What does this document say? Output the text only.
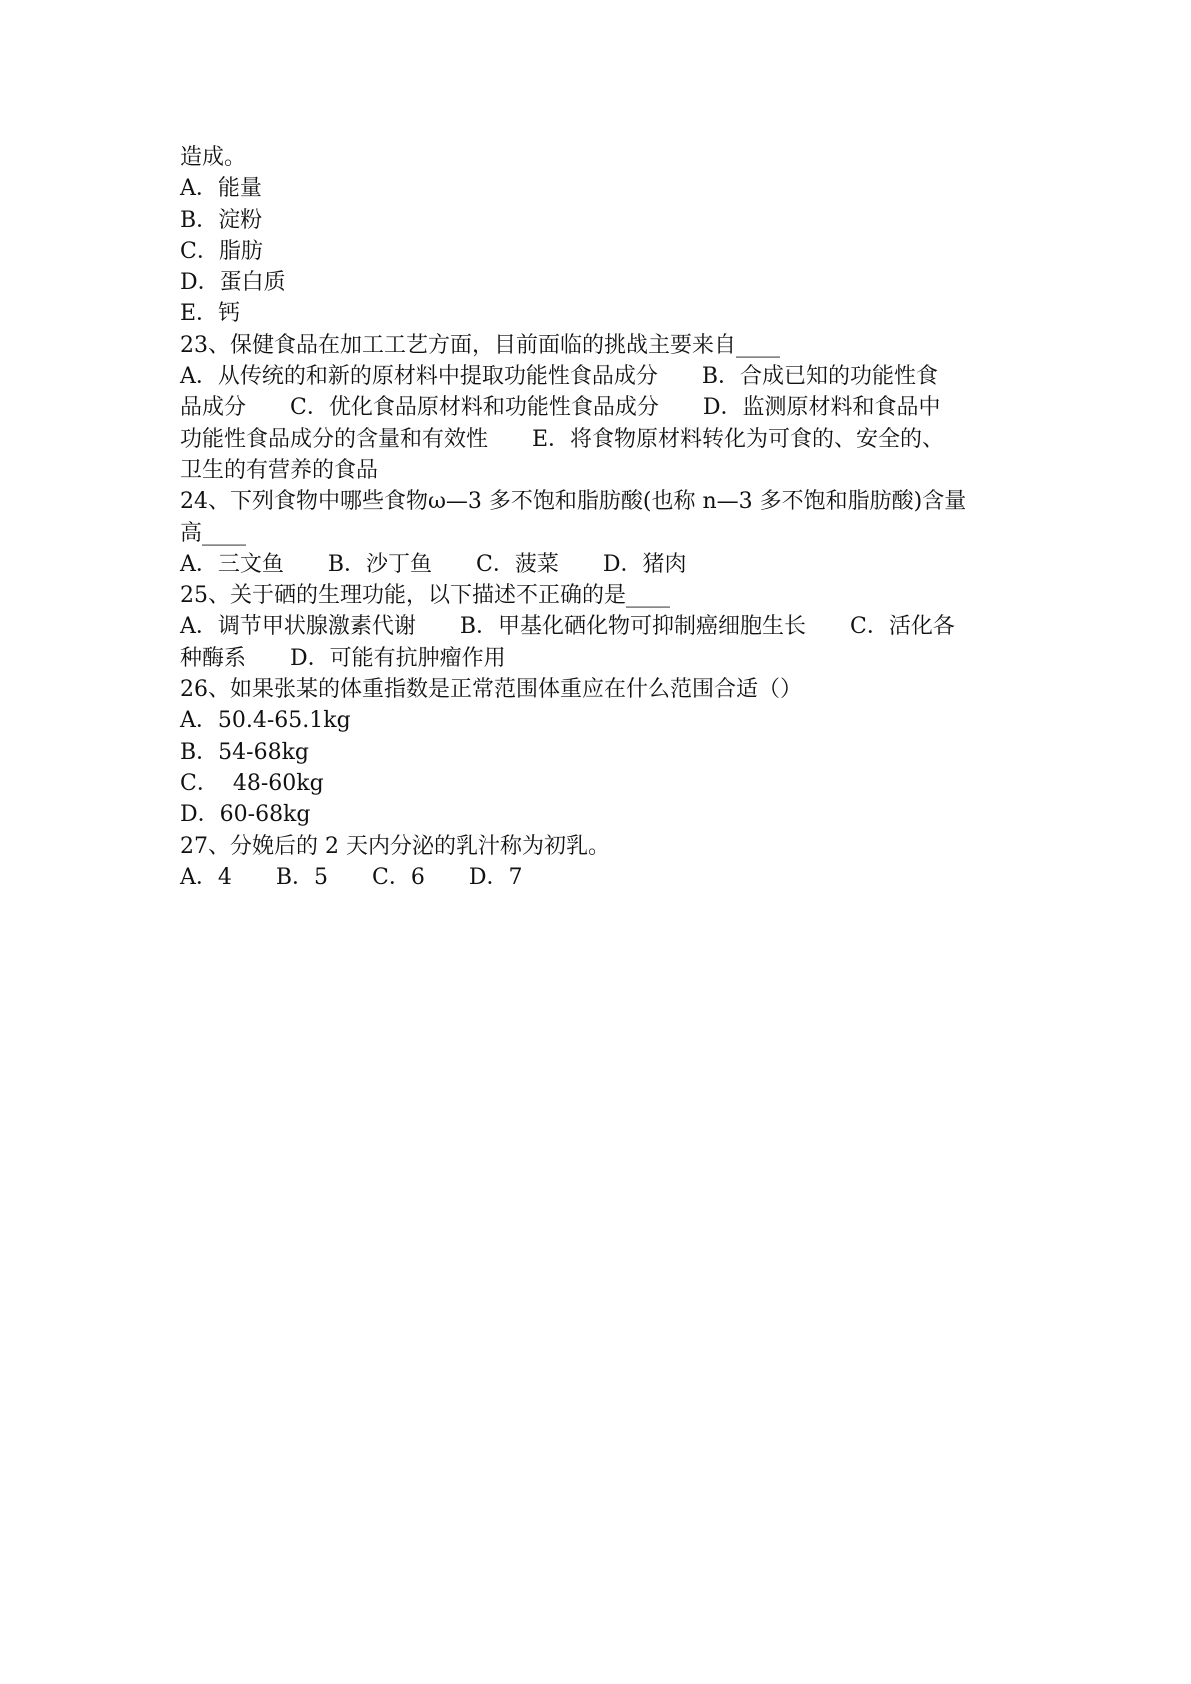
造成。
A．能量
B．淀粉
C．脂肪
D．蛋白质
E．钙
23、保健食品在加工工艺方面，目前面临的挑战主要来自____
A．从传统的和新的原材料中提取功能性食品成分　　B．合成已知的功能性食
品成分　　C．优化食品原材料和功能性食品成分　　D．监测原材料和食品中
功能性食品成分的含量和有效性　　E．将食物原材料转化为可食的、安全的、
卫生的有营养的食品
24、下列食物中哪些食物ω—3 多不饱和脂肪酸(也称 n—3 多不饱和脂肪酸)含量
高____
A．三文鱼　　B．沙丁鱼　　C．菠菜　　D．猪肉
25、关于硒的生理功能，以下描述不正确的是____
A．调节甲状腺激素代谢　　B．甲基化硒化物可抑制癌细胞生长　　C．活化各
种酶系　　D．可能有抗肿瘤作用
26、如果张某的体重指数是正常范围体重应在什么范围合适（）
A．50.4-65.1kg
B．54-68kg
C．  48-60kg
D．60-68kg
27、分娩后的 2 天内分泌的乳汁称为初乳。
A．4　　B．5　　C．6　　D．7
